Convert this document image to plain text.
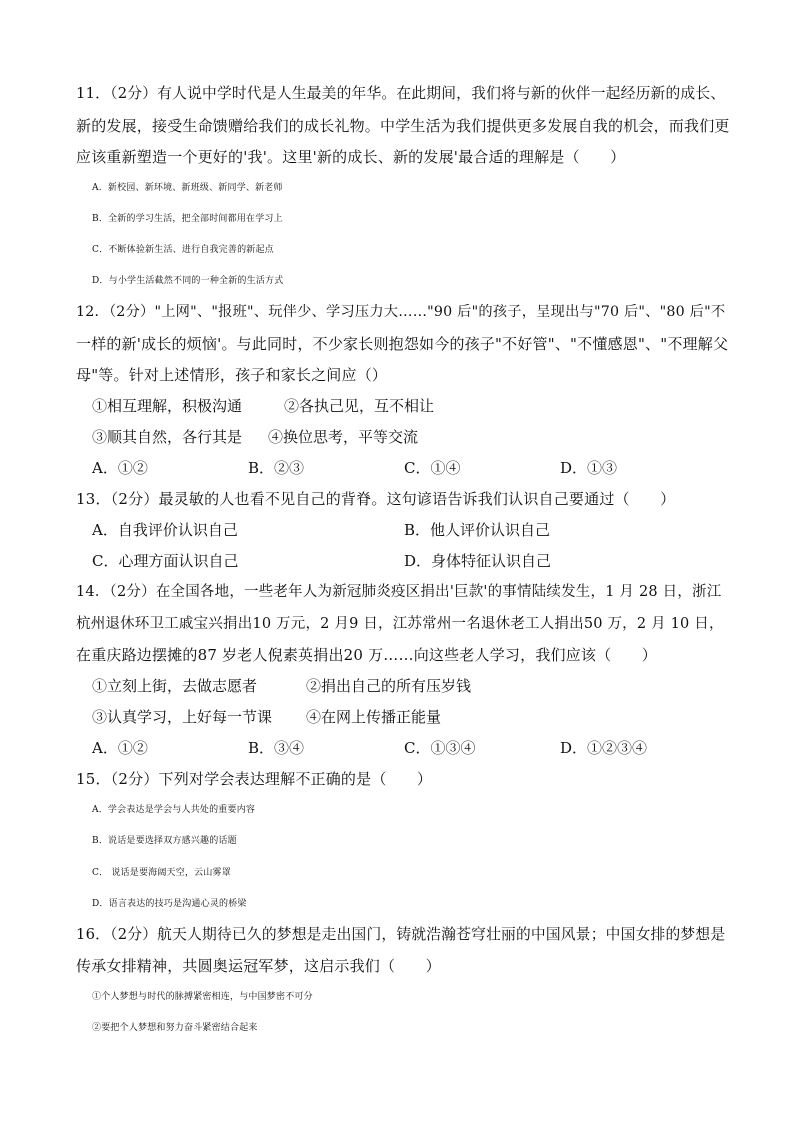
11．（2分）有人说中学时代是人生最美的年华。在此期间，我们将与新的伙伴一起经历新的成长、
新的发展，接受生命馈赠给我们的成长礼物。中学生活为我们提供更多发展自我的机会，而我们更
应该重新塑造一个更好的'我'。这里'新的成长、新的发展'最合适的理解是（　　）
A．新校园、新环境、新班级、新同学、新老师
B．全新的学习生活，把全部时间都用在学习上
C．不断体验新生活、进行自我完善的新起点
D．与小学生活截然不同的一种全新的生活方式
12．（2分）"上网"、"报班"、玩伴少、学习压力大……"90 后"的孩子，呈现出与"70 后"、"80 后"不
一样的新'成长的烦恼'。与此同时，不少家长则抱怨如今的孩子"不好管"、"不懂感恩"、"不理解父
母"等。针对上述情形，孩子和家长之间应（）
①相互理解，积极沟通	②各执己见，互不相让
③顺其自然，各行其是 ④换位思考，平等交流
A．①②	B．②③	C．①④	D．①③
13．（2分）最灵敏的人也看不见自己的背脊。这句谚语告诉我们认识自己要通过（　　）
A．自我评价认识自己	B．他人评价认识自己
C．心理方面认识自己	D．身体特征认识自己
14．（2分）在全国各地，一些老年人为新冠肺炎疫区捐出'巨款'的事情陆续发生，1 月 28 日，浙江
杭州退休环卫工戚宝兴捐出10 万元，2 月9 日，江苏常州一名退休老工人捐出50 万，2 月 10 日，
在重庆路边摆摊的87 岁老人倪素英捐出20 万……向这些老人学习，我们应该（　　）
①立刻上街，去做志愿者	②捐出自己的所有压岁钱
③认真学习，上好每一节课 ④在网上传播正能量
A．①②	B．③④	C．①③④	D．①②③④
15．（2分）下列对学会表达理解不正确的是（　　）
A．学会表达是学会与人共处的重要内容
B．说话是要选择双方感兴趣的话题
C． 说话是要海阔天空，云山雾罩
D．语言表达的技巧是沟通心灵的桥梁
16．（2分）航天人期待已久的梦想是走出国门，铸就浩瀚苍穹壮丽的中国风景；中国女排的梦想是
传承女排精神，共圆奥运冠军梦，这启示我们（　　）
①个人梦想与时代的脉搏紧密相连，与中国梦密不可分
②要把个人梦想和努力奋斗紧密结合起来
